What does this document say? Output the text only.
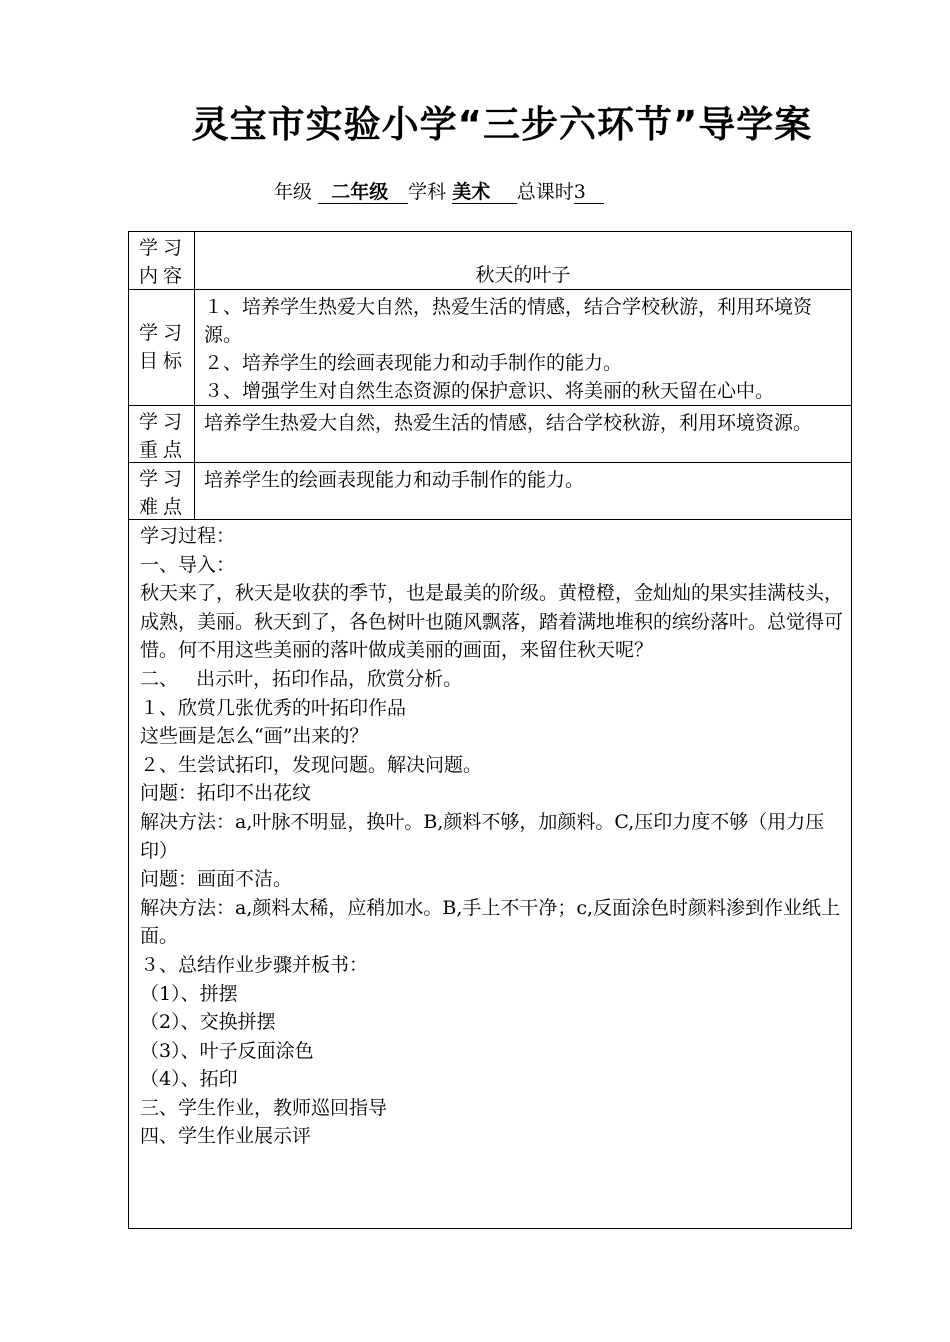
灵宝市实验小学“三步六环节”导学案
年级 二年级 学科 美术 总课时3
学习内容	秋天的叶子
学习目标

１、培养学生热爱大自然，热爱生活的情感，结合学校秋游，利用环境资源。

２、培养学生的绘画表现能力和动手制作的能力。

３、增强学生对自然生态资源的保护意识、将美丽的秋天留在心中。

学习重点
培养学生热爱大自然，热爱生活的情感，结合学校秋游，利用环境资源。
学习难点
培养学生的绘画表现能力和动手制作的能力。

学习过程：

一、导入：

秋天来了，秋天是收获的季节，也是最美的阶级。黄橙橙，金灿灿的果实挂满枝头，

成熟，美丽。秋天到了，各色树叶也随风飘落，踏着满地堆积的缤纷落叶。总觉得可惜。何不用这些美丽的落叶做成美丽的画面，来留住秋天呢？

二、   出示叶，拓印作品，欣赏分析。

１、欣赏几张优秀的叶拓印作品

这些画是怎么“画”出来的？

２、生尝试拓印，发现问题。解决问题。

问题：拓印不出花纹

解决方法：a,叶脉不明显，换叶。B,颜料不够，加颜料。C,压印力度不够（用力压印）

问题：画面不洁。

解决方法：a,颜料太稀，应稍加水。B,手上不干净；c,反面涂色时颜料渗到作业纸上面。

３、总结作业步骤并板书：

（1）、拼摆

（2）、交换拼摆

（3）、叶子反面涂色

（4）、拓印

三、学生作业，教师巡回指导

四、学生作业展示评
